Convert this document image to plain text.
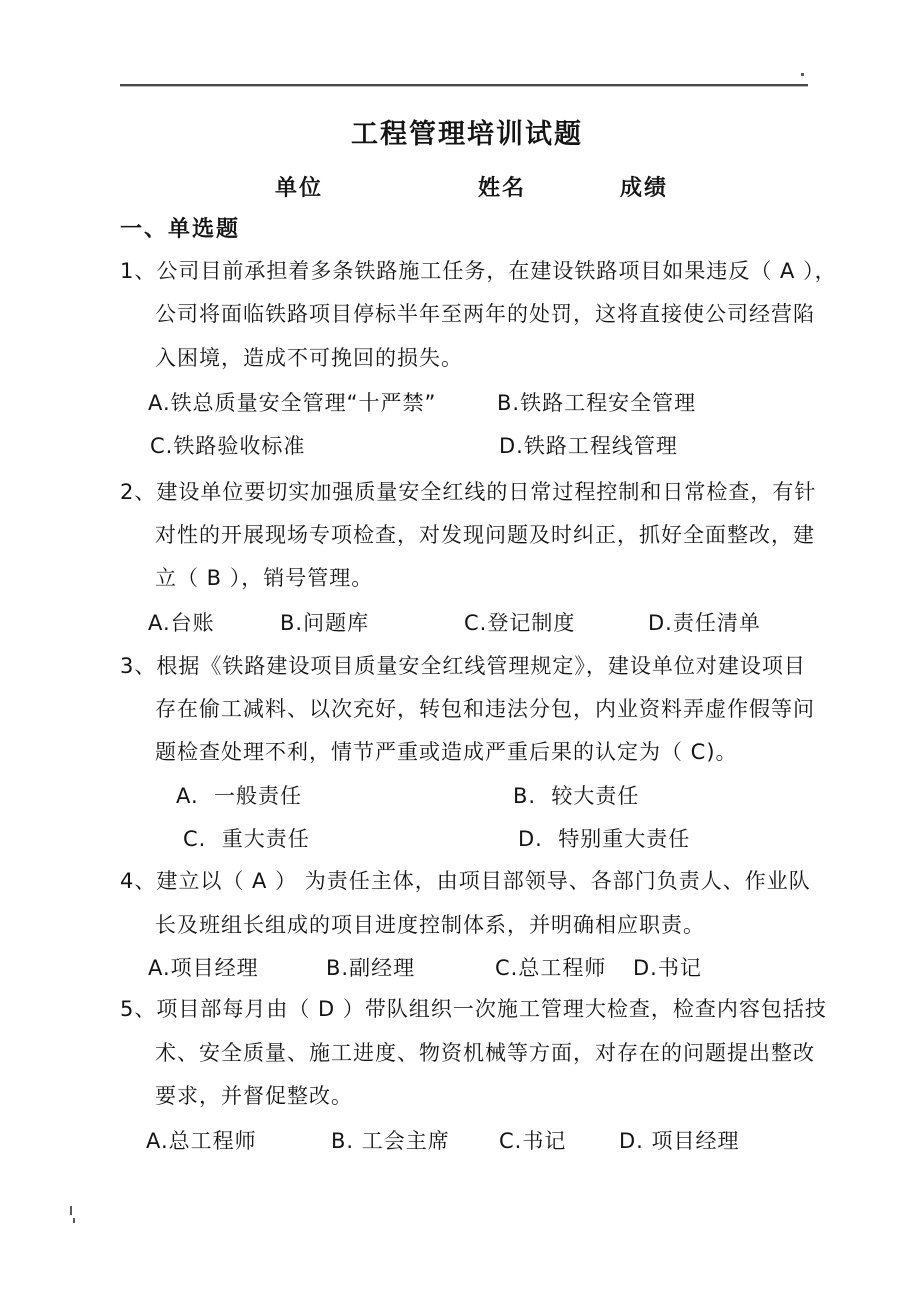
工程管理培训试题
单位	姓名	成绩
一、单选题
1、公司目前承担着多条铁路施工任务，在建设铁路项目如果违反（ A ），
公司将面临铁路项目停标半年至两年的处罚，这将直接使公司经营陷
入困境，造成不可挽回的损失。
A.铁总质量安全管理“十严禁”	B.铁路工程安全管理
C.铁路验收标准	D.铁路工程线管理
2、建设单位要切实加强质量安全红线的日常过程控制和日常检查，有针
对性的开展现场专项检查，对发现问题及时纠正，抓好全面整改，建
立（ B ），销号管理。
A.台账	B.问题库	C.登记制度	D.责任清单
3、根据《铁路建设项目质量安全红线管理规定》，建设单位对建设项目
存在偷工减料、以次充好，转包和违法分包，内业资料弄虚作假等问
题检查处理不利，情节严重或造成严重后果的认定为（ C)。
A.  一般责任	B.  较大责任
C.  重大责任	D.  特别重大责任
4、建立以（ A ） 为责任主体，由项目部领导、各部门负责人、作业队
长及班组长组成的项目进度控制体系，并明确相应职责。
A.项目经理	B.副经理	C.总工程师 D.书记
5、项目部每月由（ D ）带队组织一次施工管理大检查，检查内容包括技
术、安全质量、施工进度、物资机械等方面，对存在的问题提出整改
要求，并督促整改。
A.总工程师	B. 工会主席 C.书记	D. 项目经理
